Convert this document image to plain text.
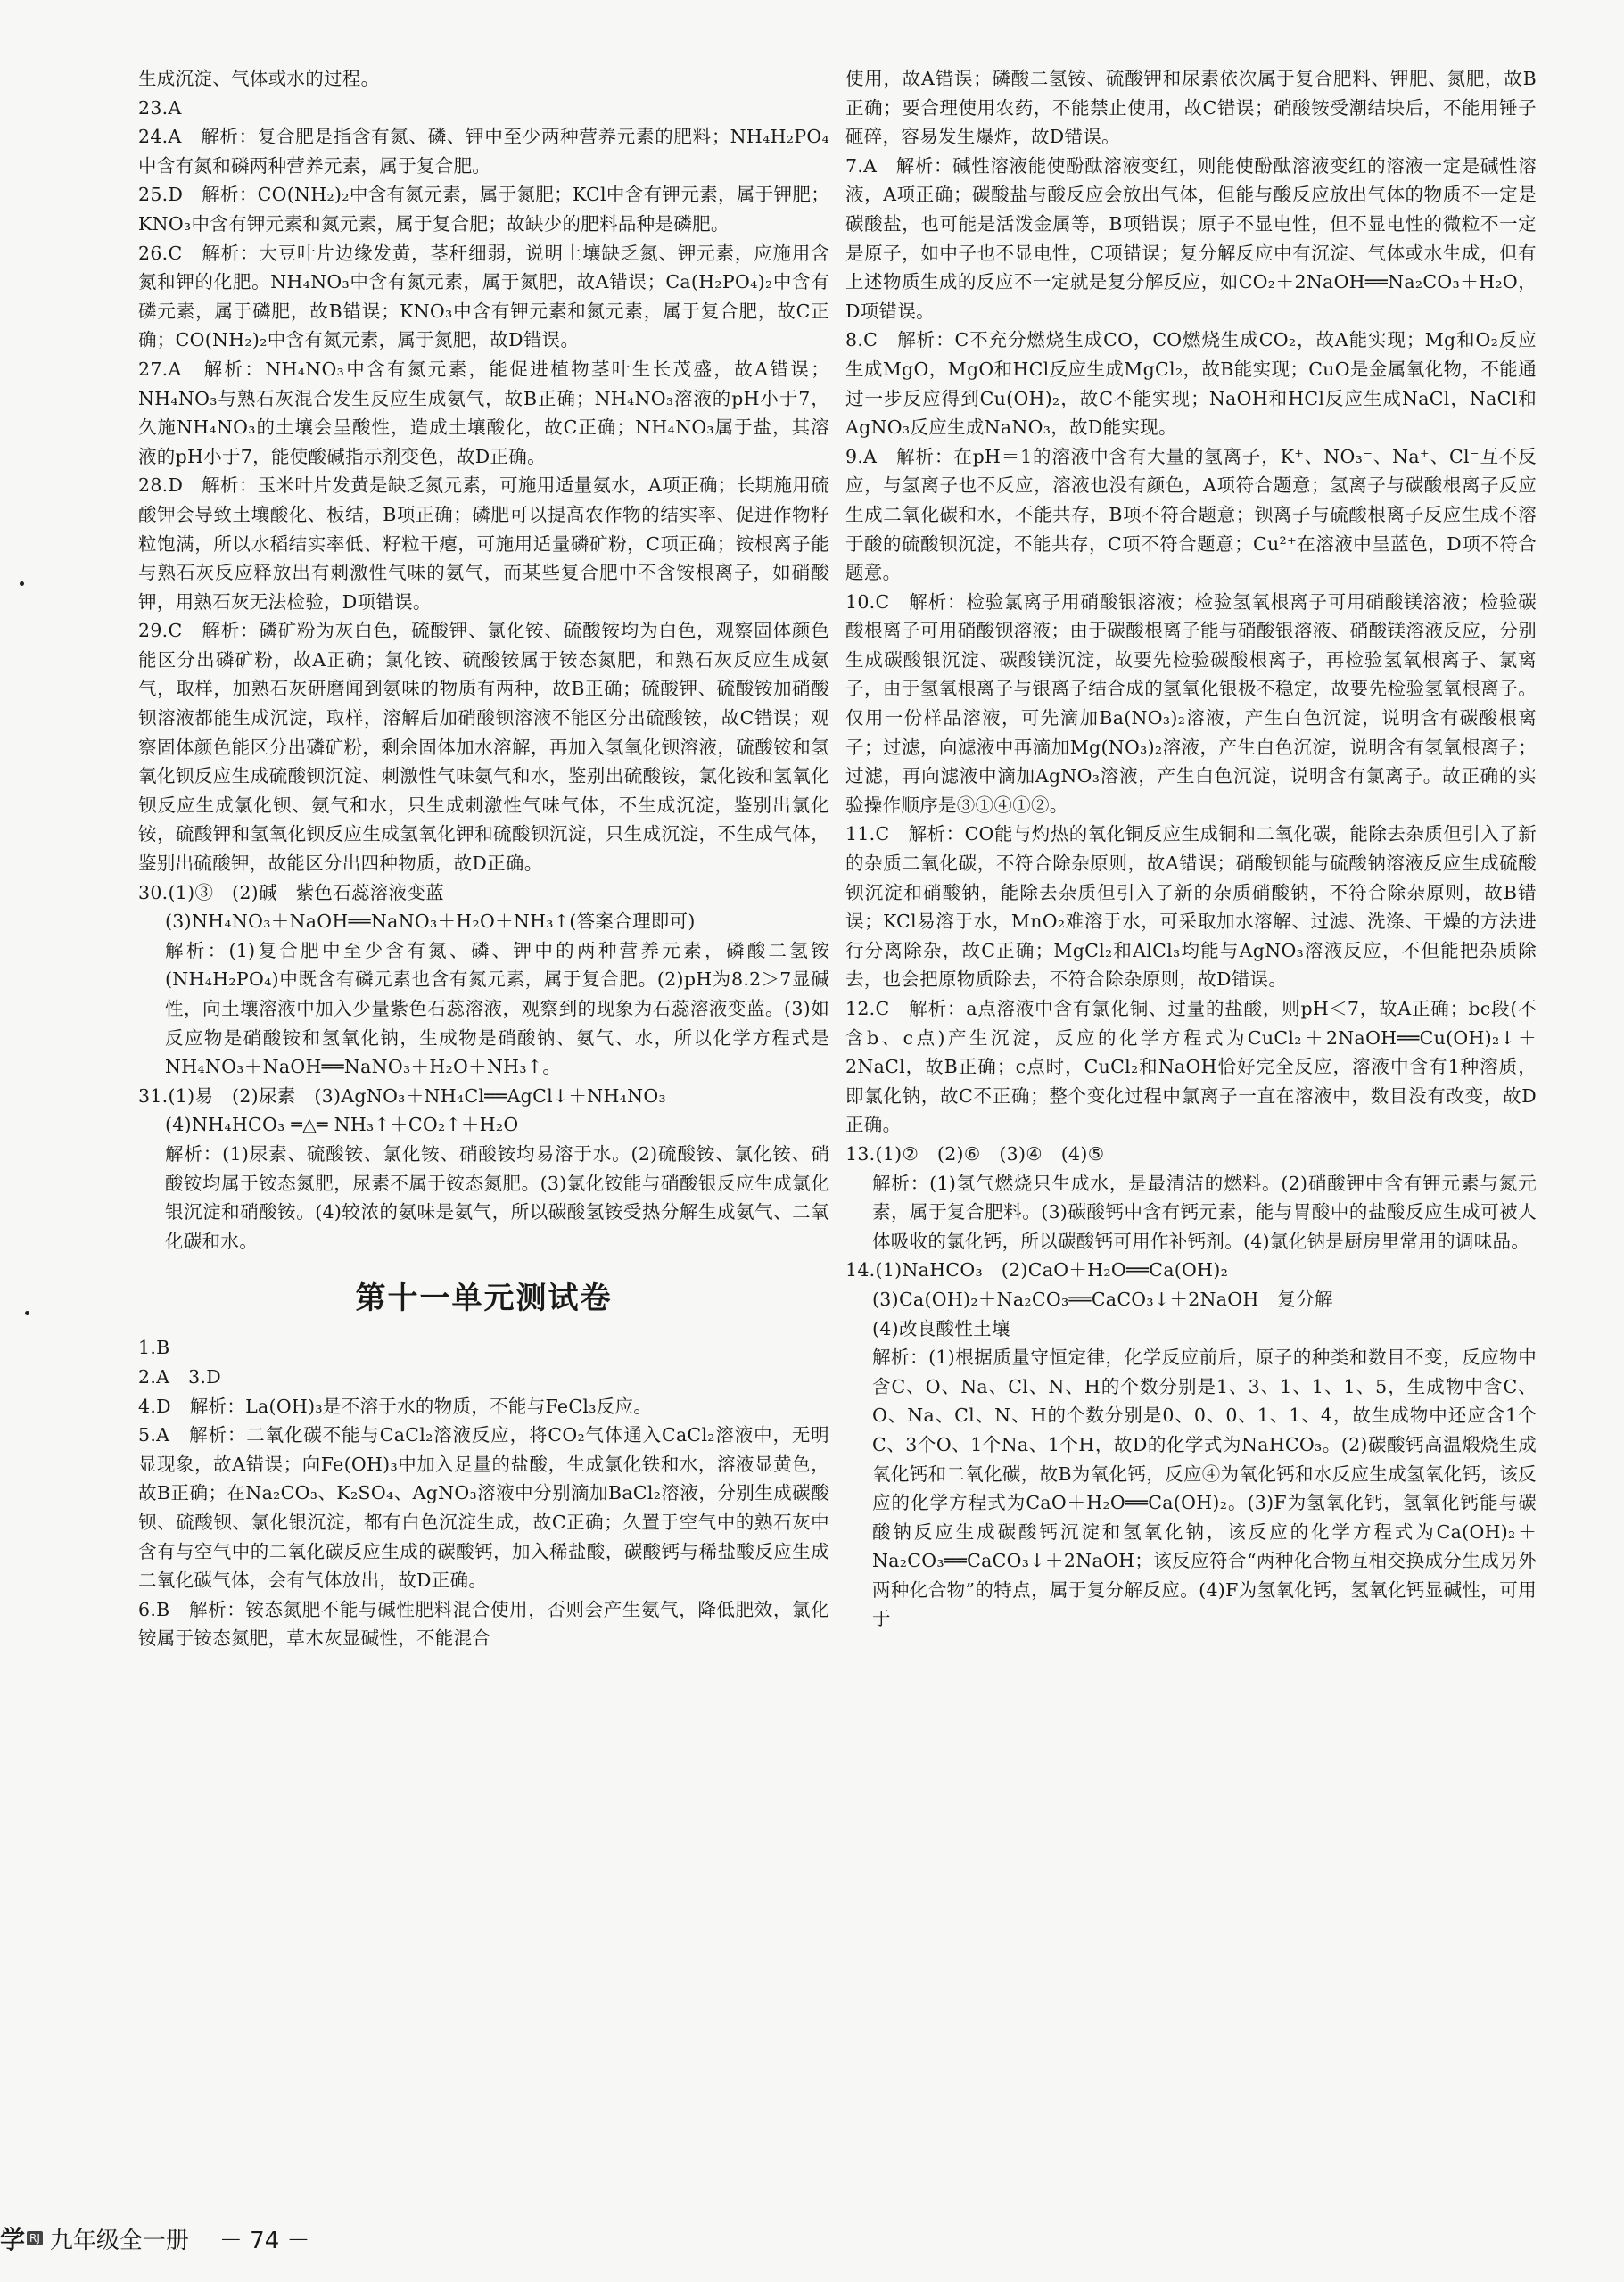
生成沉淀、气体或水的过程。

23.A

24.A　解析：复合肥是指含有氮、磷、钾中至少两种营养元素的肥料；NH₄H₂PO₄中含有氮和磷两种营养元素，属于复合肥。

25.D　解析：CO(NH₂)₂中含有氮元素，属于氮肥；KCl中含有钾元素，属于钾肥；KNO₃中含有钾元素和氮元素，属于复合肥；故缺少的肥料品种是磷肥。

26.C　解析：大豆叶片边缘发黄，茎秆细弱，说明土壤缺乏氮、钾元素，应施用含氮和钾的化肥。NH₄NO₃中含有氮元素，属于氮肥，故A错误；Ca(H₂PO₄)₂中含有磷元素，属于磷肥，故B错误；KNO₃中含有钾元素和氮元素，属于复合肥，故C正确；CO(NH₂)₂中含有氮元素，属于氮肥，故D错误。

27.A　解析：NH₄NO₃中含有氮元素，能促进植物茎叶生长茂盛，故A错误；NH₄NO₃与熟石灰混合发生反应生成氨气，故B正确；NH₄NO₃溶液的pH小于7，久施NH₄NO₃的土壤会呈酸性，造成土壤酸化，故C正确；NH₄NO₃属于盐，其溶液的pH小于7，能使酸碱指示剂变色，故D正确。

28.D　解析：玉米叶片发黄是缺乏氮元素，可施用适量氨水，A项正确；长期施用硫酸钾会导致土壤酸化、板结，B项正确；磷肥可以提高农作物的结实率、促进作物籽粒饱满，所以水稻结实率低、籽粒干瘪，可施用适量磷矿粉，C项正确；铵根离子能与熟石灰反应释放出有刺激性气味的氨气，而某些复合肥中不含铵根离子，如硝酸钾，用熟石灰无法检验，D项错误。

29.C　解析：磷矿粉为灰白色，硫酸钾、氯化铵、硫酸铵均为白色，观察固体颜色能区分出磷矿粉，故A正确；氯化铵、硫酸铵属于铵态氮肥，和熟石灰反应生成氨气，取样，加熟石灰研磨闻到氨味的物质有两种，故B正确；硫酸钾、硫酸铵加硝酸钡溶液都能生成沉淀，取样，溶解后加硝酸钡溶液不能区分出硫酸铵，故C错误；观察固体颜色能区分出磷矿粉，剩余固体加水溶解，再加入氢氧化钡溶液，硫酸铵和氢氧化钡反应生成硫酸钡沉淀、刺激性气味氨气和水，鉴别出硫酸铵，氯化铵和氢氧化钡反应生成氯化钡、氨气和水，只生成刺激性气味气体，不生成沉淀，鉴别出氯化铵，硫酸钾和氢氧化钡反应生成氢氧化钾和硫酸钡沉淀，只生成沉淀，不生成气体，鉴别出硫酸钾，故能区分出四种物质，故D正确。

30.(1)③　(2)碱　紫色石蕊溶液变蓝

(3)NH₄NO₃＋NaOH══NaNO₃＋H₂O＋NH₃↑(答案合理即可)

解析：(1)复合肥中至少含有氮、磷、钾中的两种营养元素，磷酸二氢铵(NH₄H₂PO₄)中既含有磷元素也含有氮元素，属于复合肥。(2)pH为8.2＞7显碱性，向土壤溶液中加入少量紫色石蕊溶液，观察到的现象为石蕊溶液变蓝。(3)如反应物是硝酸铵和氢氧化钠，生成物是硝酸钠、氨气、水，所以化学方程式是NH₄NO₃＋NaOH══NaNO₃＋H₂O＋NH₃↑。

31.(1)易　(2)尿素　(3)AgNO₃＋NH₄Cl══AgCl↓＋NH₄NO₃

(4)NH₄HCO₃ ═△═ NH₃↑＋CO₂↑＋H₂O

解析：(1)尿素、硫酸铵、氯化铵、硝酸铵均易溶于水。(2)硫酸铵、氯化铵、硝酸铵均属于铵态氮肥，尿素不属于铵态氮肥。(3)氯化铵能与硝酸银反应生成氯化银沉淀和硝酸铵。(4)较浓的氨味是氨气，所以碳酸氢铵受热分解生成氨气、二氧化碳和水。

第十一单元测试卷

1.B

2.A　3.D

4.D　解析：La(OH)₃是不溶于水的物质，不能与FeCl₃反应。

5.A　解析：二氧化碳不能与CaCl₂溶液反应，将CO₂气体通入CaCl₂溶液中，无明显现象，故A错误；向Fe(OH)₃中加入足量的盐酸，生成氯化铁和水，溶液显黄色，故B正确；在Na₂CO₃、K₂SO₄、AgNO₃溶液中分别滴加BaCl₂溶液，分别生成碳酸钡、硫酸钡、氯化银沉淀，都有白色沉淀生成，故C正确；久置于空气中的熟石灰中含有与空气中的二氧化碳反应生成的碳酸钙，加入稀盐酸，碳酸钙与稀盐酸反应生成二氧化碳气体，会有气体放出，故D正确。

6.B　解析：铵态氮肥不能与碱性肥料混合使用，否则会产生氨气，降低肥效，氯化铵属于铵态氮肥，草木灰显碱性，不能混合

使用，故A错误；磷酸二氢铵、硫酸钾和尿素依次属于复合肥料、钾肥、氮肥，故B正确；要合理使用农药，不能禁止使用，故C错误；硝酸铵受潮结块后，不能用锤子砸碎，容易发生爆炸，故D错误。

7.A　解析：碱性溶液能使酚酞溶液变红，则能使酚酞溶液变红的溶液一定是碱性溶液，A项正确；碳酸盐与酸反应会放出气体，但能与酸反应放出气体的物质不一定是碳酸盐，也可能是活泼金属等，B项错误；原子不显电性，但不显电性的微粒不一定是原子，如中子也不显电性，C项错误；复分解反应中有沉淀、气体或水生成，但有上述物质生成的反应不一定就是复分解反应，如CO₂＋2NaOH══Na₂CO₃＋H₂O，D项错误。

8.C　解析：C不充分燃烧生成CO，CO燃烧生成CO₂，故A能实现；Mg和O₂反应生成MgO，MgO和HCl反应生成MgCl₂，故B能实现；CuO是金属氧化物，不能通过一步反应得到Cu(OH)₂，故C不能实现；NaOH和HCl反应生成NaCl，NaCl和AgNO₃反应生成NaNO₃，故D能实现。

9.A　解析：在pH＝1的溶液中含有大量的氢离子，K⁺、NO₃⁻、Na⁺、Cl⁻互不反应，与氢离子也不反应，溶液也没有颜色，A项符合题意；氢离子与碳酸根离子反应生成二氧化碳和水，不能共存，B项不符合题意；钡离子与硫酸根离子反应生成不溶于酸的硫酸钡沉淀，不能共存，C项不符合题意；Cu²⁺在溶液中呈蓝色，D项不符合题意。

10.C　解析：检验氯离子用硝酸银溶液；检验氢氧根离子可用硝酸镁溶液；检验碳酸根离子可用硝酸钡溶液；由于碳酸根离子能与硝酸银溶液、硝酸镁溶液反应，分别生成碳酸银沉淀、碳酸镁沉淀，故要先检验碳酸根离子，再检验氢氧根离子、氯离子，由于氢氧根离子与银离子结合成的氢氧化银极不稳定，故要先检验氢氧根离子。仅用一份样品溶液，可先滴加Ba(NO₃)₂溶液，产生白色沉淀，说明含有碳酸根离子；过滤，向滤液中再滴加Mg(NO₃)₂溶液，产生白色沉淀，说明含有氢氧根离子；过滤，再向滤液中滴加AgNO₃溶液，产生白色沉淀，说明含有氯离子。故正确的实验操作顺序是③①④①②。

11.C　解析：CO能与灼热的氧化铜反应生成铜和二氧化碳，能除去杂质但引入了新的杂质二氧化碳，不符合除杂原则，故A错误；硝酸钡能与硫酸钠溶液反应生成硫酸钡沉淀和硝酸钠，能除去杂质但引入了新的杂质硝酸钠，不符合除杂原则，故B错误；KCl易溶于水，MnO₂难溶于水，可采取加水溶解、过滤、洗涤、干燥的方法进行分离除杂，故C正确；MgCl₂和AlCl₃均能与AgNO₃溶液反应，不但能把杂质除去，也会把原物质除去，不符合除杂原则，故D错误。

12.C　解析：a点溶液中含有氯化铜、过量的盐酸，则pH＜7，故A正确；bc段(不含b、c点)产生沉淀，反应的化学方程式为CuCl₂＋2NaOH══Cu(OH)₂↓＋2NaCl，故B正确；c点时，CuCl₂和NaOH恰好完全反应，溶液中含有1种溶质，即氯化钠，故C不正确；整个变化过程中氯离子一直在溶液中，数目没有改变，故D正确。

13.(1)②　(2)⑥　(3)④　(4)⑤

解析：(1)氢气燃烧只生成水，是最清洁的燃料。(2)硝酸钾中含有钾元素与氮元素，属于复合肥料。(3)碳酸钙中含有钙元素，能与胃酸中的盐酸反应生成可被人体吸收的氯化钙，所以碳酸钙可用作补钙剂。(4)氯化钠是厨房里常用的调味品。

14.(1)NaHCO₃　(2)CaO＋H₂O══Ca(OH)₂

(3)Ca(OH)₂＋Na₂CO₃══CaCO₃↓＋2NaOH　复分解

(4)改良酸性土壤

解析：(1)根据质量守恒定律，化学反应前后，原子的种类和数目不变，反应物中含C、O、Na、Cl、N、H的个数分别是1、3、1、1、1、5，生成物中含C、O、Na、Cl、N、H的个数分别是0、0、0、1、1、4，故生成物中还应含1个C、3个O、1个Na、1个H，故D的化学式为NaHCO₃。(2)碳酸钙高温煅烧生成氧化钙和二氧化碳，故B为氧化钙，反应④为氧化钙和水反应生成氢氧化钙，该反应的化学方程式为CaO＋H₂O══Ca(OH)₂。(3)F为氢氧化钙，氢氧化钙能与碳酸钠反应生成碳酸钙沉淀和氢氧化钠，该反应的化学方程式为Ca(OH)₂＋Na₂CO₃══CaCO₃↓＋2NaOH；该反应符合“两种化合物互相交换成分生成另外两种化合物”的特点，属于复分解反应。(4)F为氢氧化钙，氢氧化钙显碱性，可用于

学 RJ 九年级全一册 － 74 －
